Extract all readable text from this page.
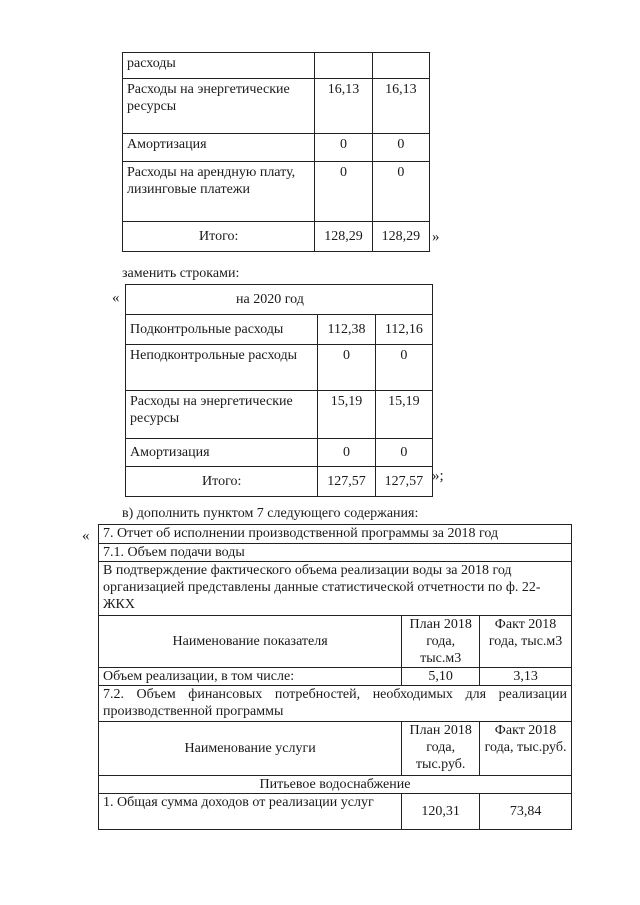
расходы		
Расходы на энергетические ресурсы	16,13	16,13
Амортизация	0	0
Расходы на арендную плату, лизинговые платежи	0	0
Итого:	128,29	128,29 »
заменить строками:
«	на 2020 год		
Подконтрольные расходы	112,38	112,16
Неподконтрольные расходы	0	0
Расходы на энергетические ресурсы	15,19	15,19
Амортизация	0	0
Итого:	127,57	127,57 »;
в) дополнить пунктом 7 следующего содержания:
« 7. Отчет об исполнении производственной программы за 2018 год		
7.1. Объем подачи воды		
В подтверждение фактического объема реализации воды за 2018 год организацией представлены данные статистической отчетности по ф. 22-ЖКХ		
Наименование показателя	План 2018 года, тыс.м3	Факт 2018 года, тыс.м3
Объем реализации, в том числе:	5,10	3,13
7.2. Объем финансовых потребностей, необходимых для реализации производственной программы		
Наименование услуги	План 2018 года, тыс.руб.	Факт 2018 года, тыс.руб.
Питьевое водоснабжение		
1. Общая сумма доходов от реализации услуг	120,31	73,84
